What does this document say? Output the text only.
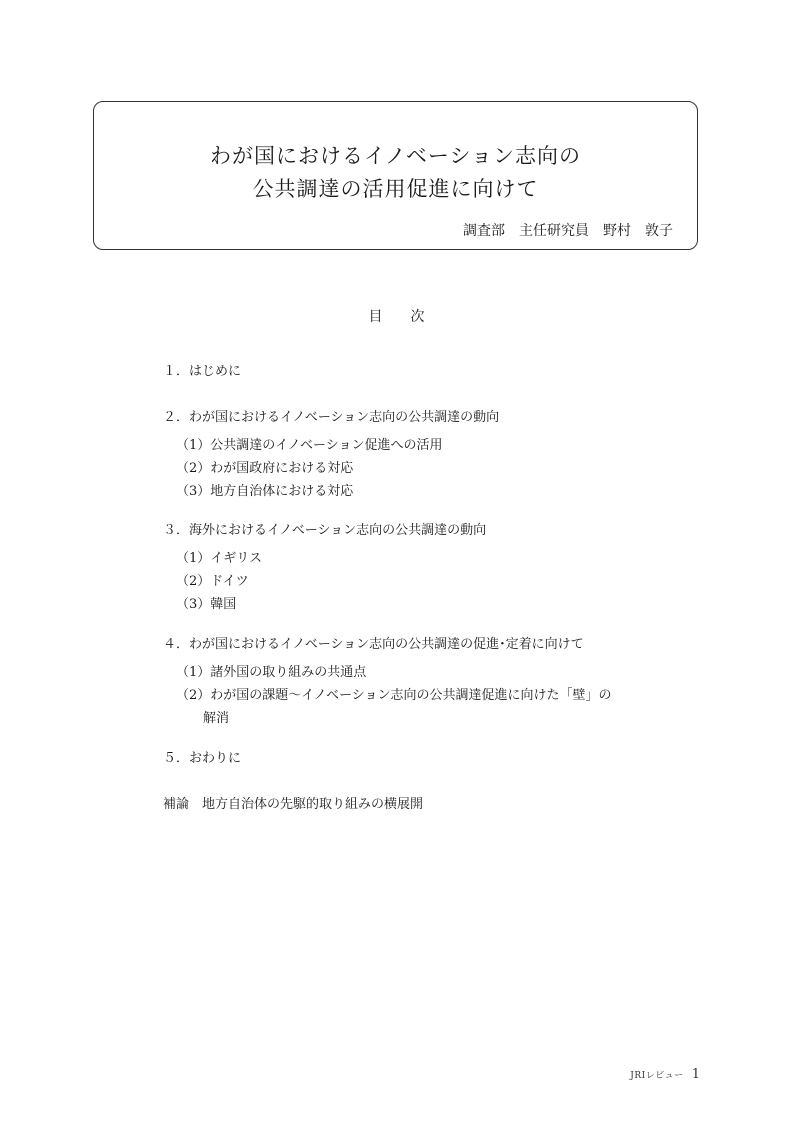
わが国におけるイノベーション志向の
公共調達の活用促進に向けて
調査部　主任研究員　野村　敦子
目　　次
１．はじめに
２．わが国におけるイノベーション志向の公共調達の動向
（1）公共調達のイノベーション促進への活用
（2）わが国政府における対応
（3）地方自治体における対応
３．海外におけるイノベーション志向の公共調達の動向
（1）イギリス
（2）ドイツ
（3）韓国
４．わが国におけるイノベーション志向の公共調達の促進･定着に向けて
（1）諸外国の取り組みの共通点
（2）わが国の課題～イノベーション志向の公共調達促進に向けた「壁」の
解消
５．おわりに
補論　地方自治体の先駆的取り組みの横展開
JRIレビュー 1
